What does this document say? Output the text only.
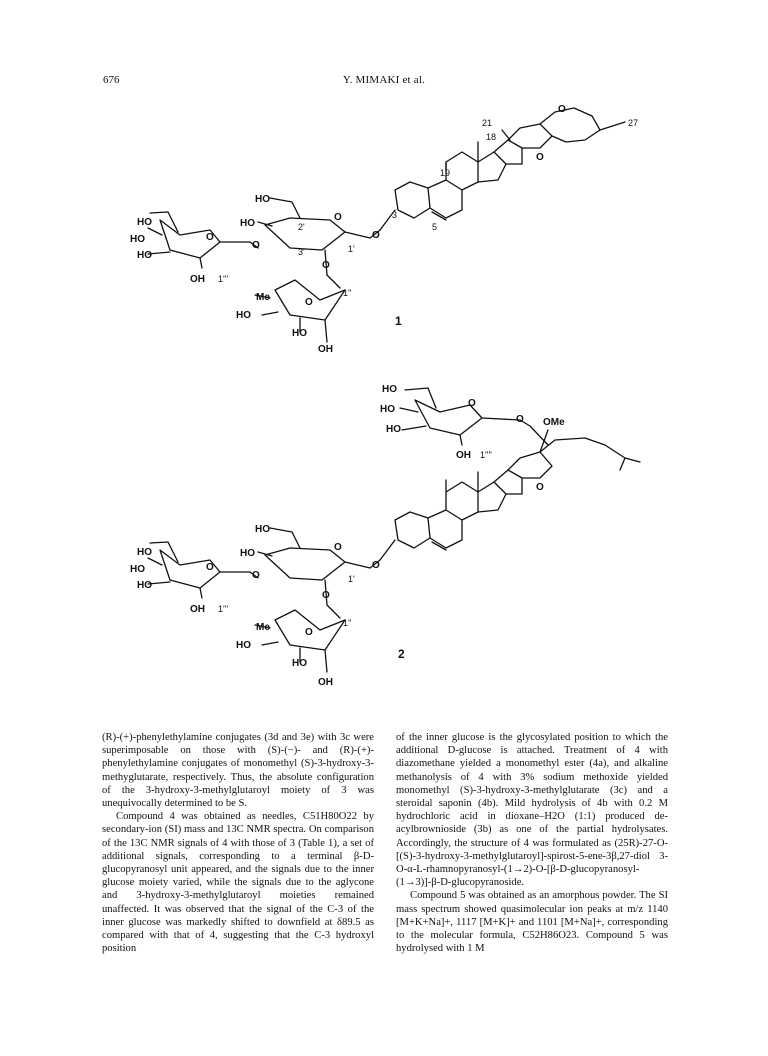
676	Y. MIMAKI et al.
HO
HO
HO
O
OH 1'''
O
HO
HO
O
2'
3'	1'
O
O
Me
HO
HO
OH
O
1''
1
3
5
19
18
21
O
O
27
HO
HO
HO
O
OH 1'''
O
HO
HO
O
1'
O
O
Me
HO
HO
OH
O
1''
2
O
OMe
HO
HO
HO
O
OH 1''''
O

(R)-(+)-phenylethylamine conjugates (3d and 3e) with 3c were superimposable on those with (S)-(−)- and (R)-(+)-phenylethylamine conjugates of monomethyl (S)-3-hydroxy-3-methyglutarate, respectively. Thus, the absolute configuration of the 3-hydroxy-3-methylglutaroyl moiety of 3 was unequivocally determined to be S.

Compound 4 was obtained as needles, C51H80O22 by secondary-ion (SI) mass and 13C NMR spectra. On comparison of the 13C NMR signals of 4 with those of 3 (Table 1), a set of additional signals, corresponding to a terminal β-D-glucopyranosyl unit appeared, and the signals due to the inner glucose moiety varied, while the signals due to the aglycone and 3-hydroxy-3-methylglutaroyl moieties remained unaffected. It was observed that the signal of the C-3 of the inner glucose was markedly shifted to downfield at δ89.5 as compared with that of 4, suggesting that the C-3 hydroxyl position

of the inner glucose is the glycosylated position to which the additional D-glucose is attached. Treatment of 4 with diazomethane yielded a monomethyl ester (4a), and alkaline methanolysis of 4 with 3% sodium methoxide yielded monomethyl (S)-3-hydroxy-3-methylglutarate (3c) and a steroidal saponin (4b). Mild hydrolysis of 4b with 0.2 M hydrochloric acid in dioxane–H2O (1:1) produced de-acylbrownioside (3b) as one of the partial hydrolysates. Accordingly, the structure of 4 was formulated as (25R)-27-O-[(S)-3-hydroxy-3-methylglutaroyl]-spirost-5-ene-3β,27-diol 3-O-α-L-rhamnopyranosyl-(1→2)-O-[β-D-glucopyranosyl-(1→3)]-β-D-glucopyranoside.

Compound 5 was obtained as an amorphous powder. The SI mass spectrum showed quasimolecular ion peaks at m/z 1140 [M+K+Na]+, 1117 [M+K]+ and 1101 [M+Na]+, corresponding to the molecular formula, C52H86O23. Compound 5 was hydrolysed with 1 M
